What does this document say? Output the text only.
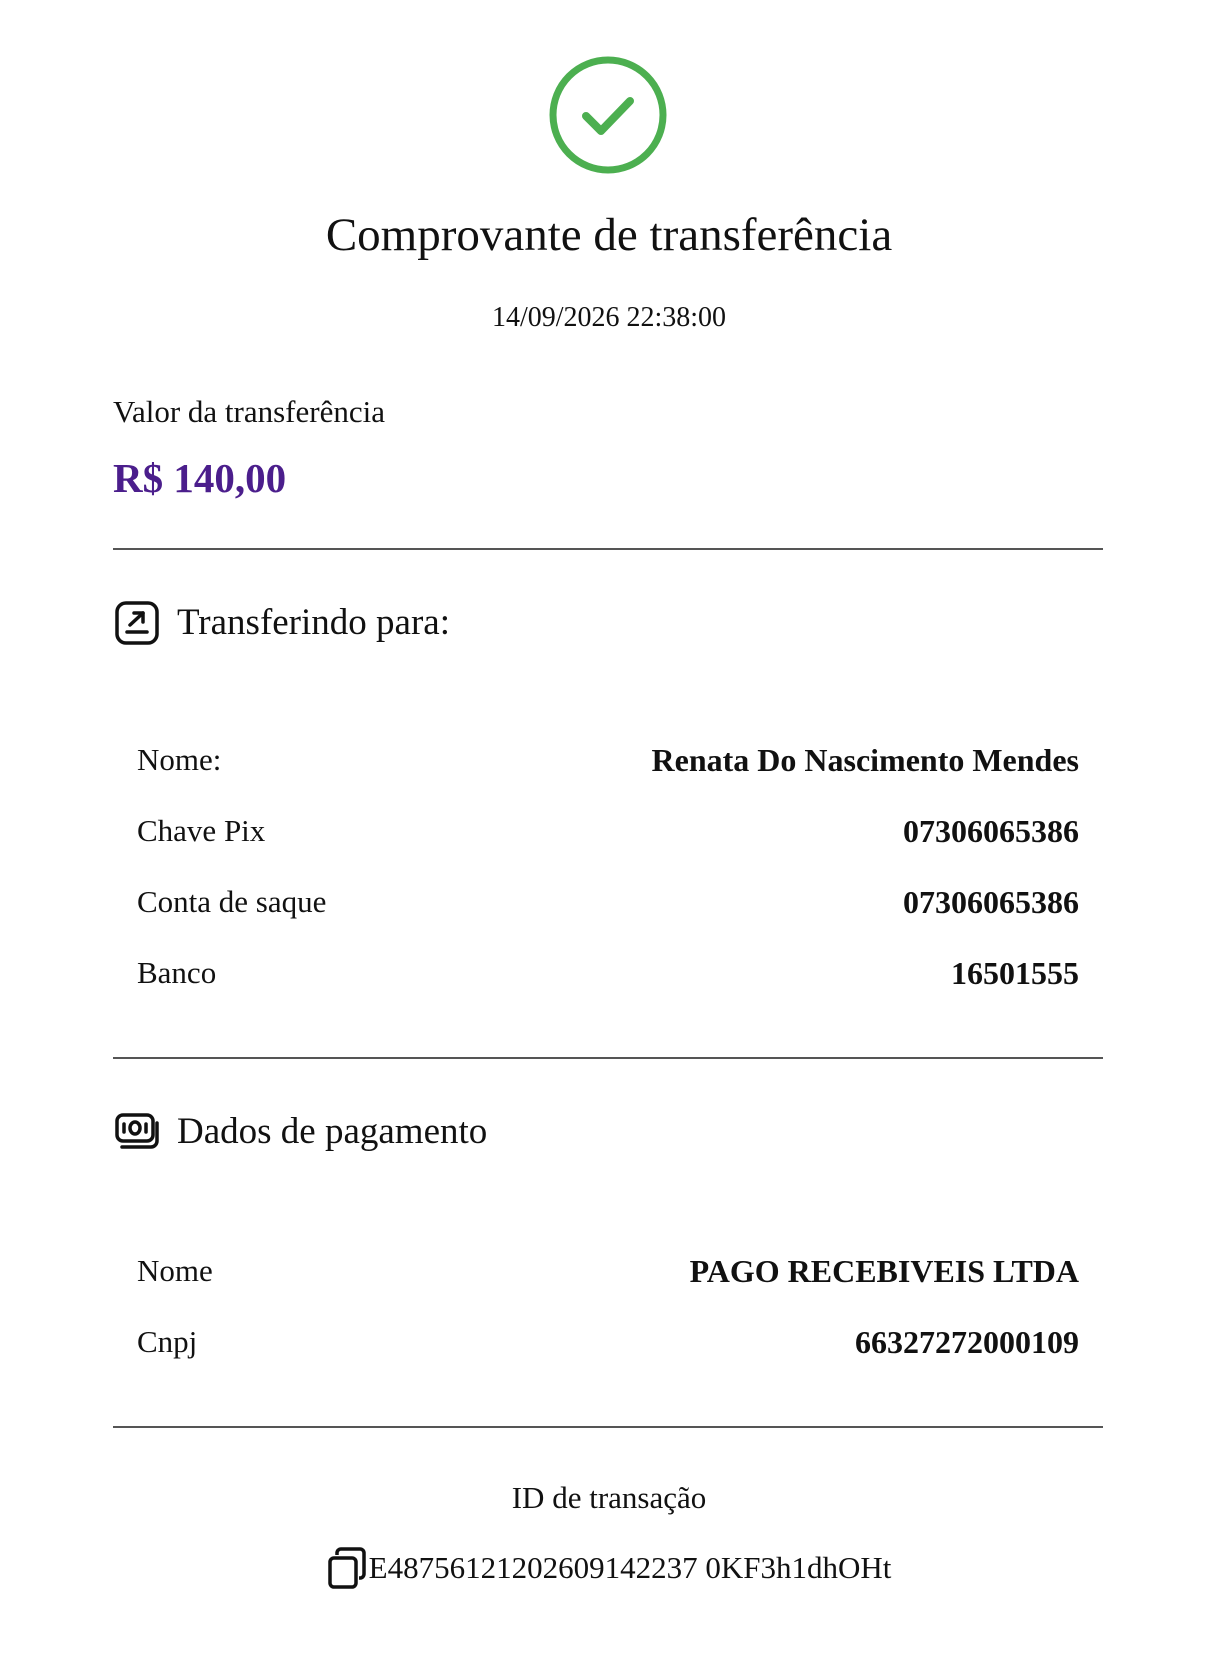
Comprovante de transferência
14/09/2026 22:38:00
Valor da transferência
R$ 140,00
Transferindo para:
Nome:	Renata Do Nascimento Mendes
Chave Pix	07306065386
Conta de saque	07306065386
Banco	16501555
Dados de pagamento
Nome	PAGO RECEBIVEIS LTDA
Cnpj	66327272000109
ID de transação
E48756121202609142237 0KF3h1dhOHt
